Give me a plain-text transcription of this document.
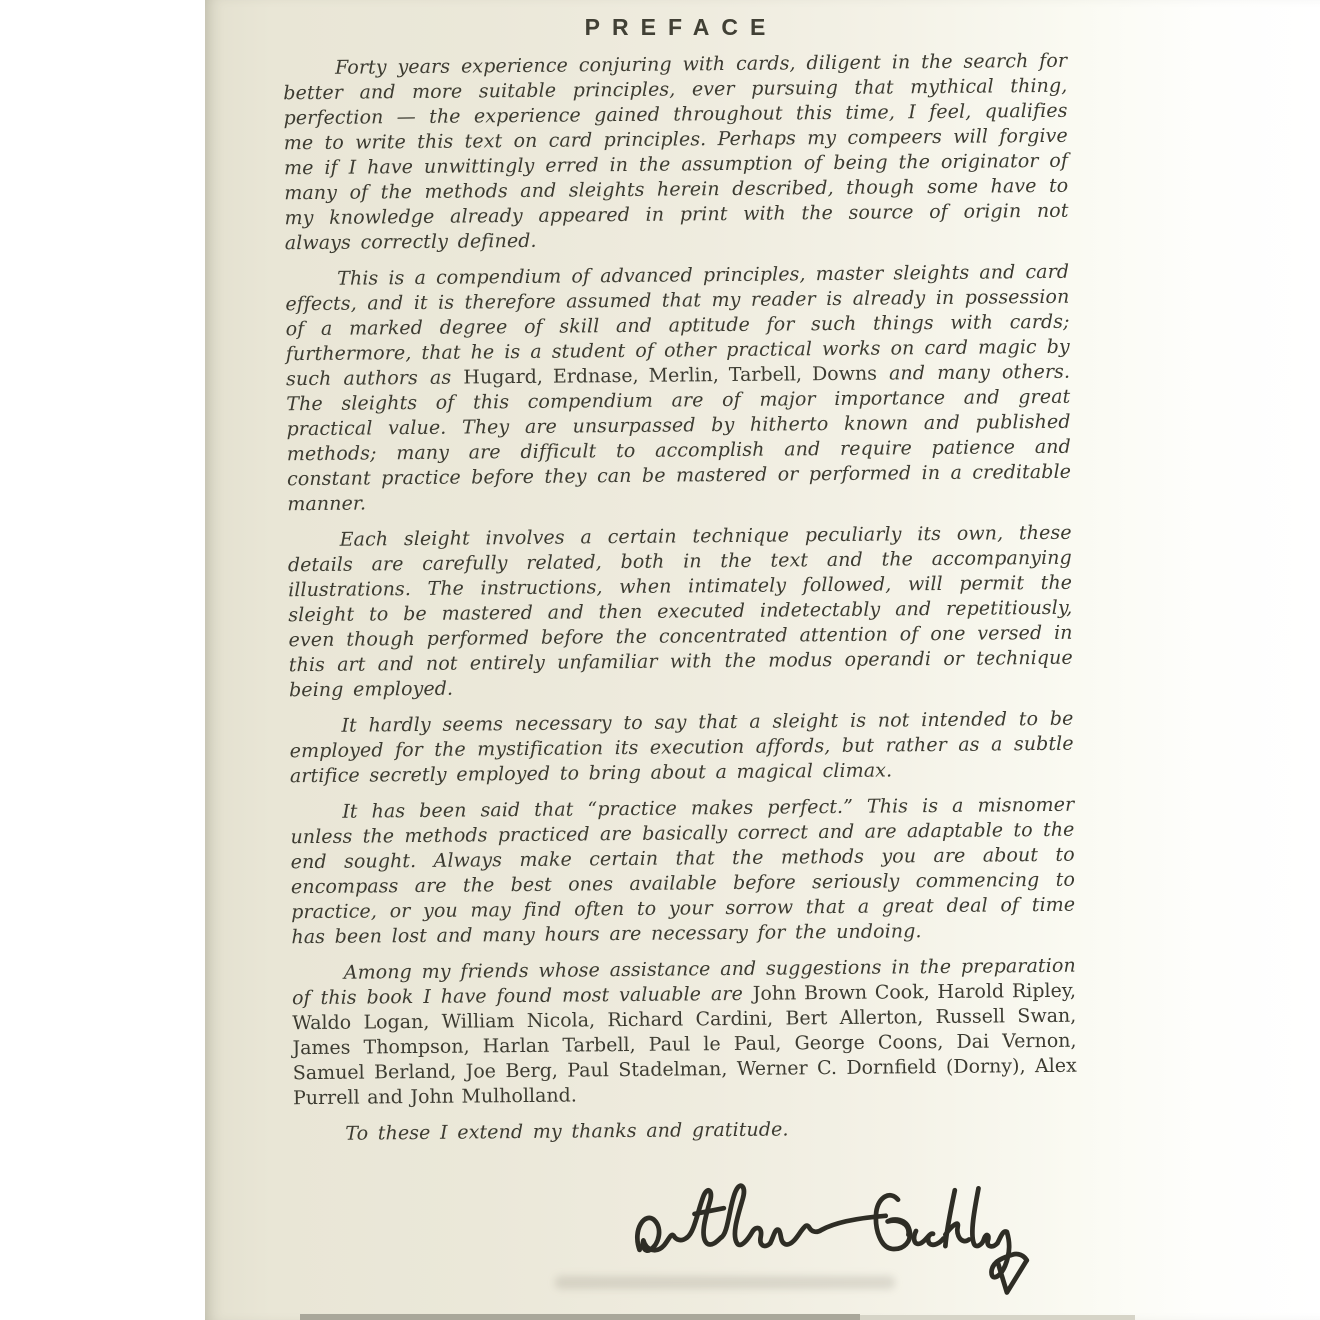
PREFACE

Forty years experience conjuring with cards, diligent in the search for better and more suitable principles, ever pursuing that mythical thing, perfection — the experience gained throughout this time, I feel, qualifies me to write this text on card principles. Perhaps my compeers will forgive me if I have unwittingly erred in the assumption of being the originator of many of the methods and sleights herein described, though some have to my knowledge already appeared in print with the source of origin not always correctly defined.

This is a compendium of advanced principles, master sleights and card effects, and it is therefore assumed that my reader is already in possession of a marked degree of skill and aptitude for such things with cards; furthermore, that he is a student of other practical works on card magic by such authors as Hugard, Erdnase, Merlin, Tarbell, Downs and many others. The sleights of this compendium are of major importance and great practical value. They are unsurpassed by hitherto known and published methods; many are difficult to accomplish and require patience and constant practice before they can be mastered or performed in a creditable manner.

Each sleight involves a certain technique peculiarly its own, these details are carefully related, both in the text and the accompanying illustrations. The instructions, when intimately followed, will permit the sleight to be mastered and then executed indetectably and repetitiously, even though performed before the concentrated attention of one versed in this art and not entirely unfamiliar with the modus operandi or technique being employed.

It hardly seems necessary to say that a sleight is not intended to be employed for the mystification its execution affords, but rather as a subtle artifice secretly employed to bring about a magical climax.

It has been said that “practice makes perfect.” This is a misnomer unless the methods practiced are basically correct and are adaptable to the end sought. Always make certain that the methods you are about to encompass are the best ones available before seriously commencing to practice, or you may find often to your sorrow that a great deal of time has been lost and many hours are necessary for the undoing.

Among my friends whose assistance and suggestions in the preparation of this book I have found most valuable are John Brown Cook, Harold Ripley, Waldo Logan, William Nicola, Richard Cardini, Bert Allerton, Russell Swan, James Thompson, Harlan Tarbell, Paul le Paul, George Coons, Dai Vernon, Samuel Berland, Joe Berg, Paul Stadelman, Werner C. Dornfield (Dorny), Alex Purrell and John Mulholland.

To these I extend my thanks and gratitude.
